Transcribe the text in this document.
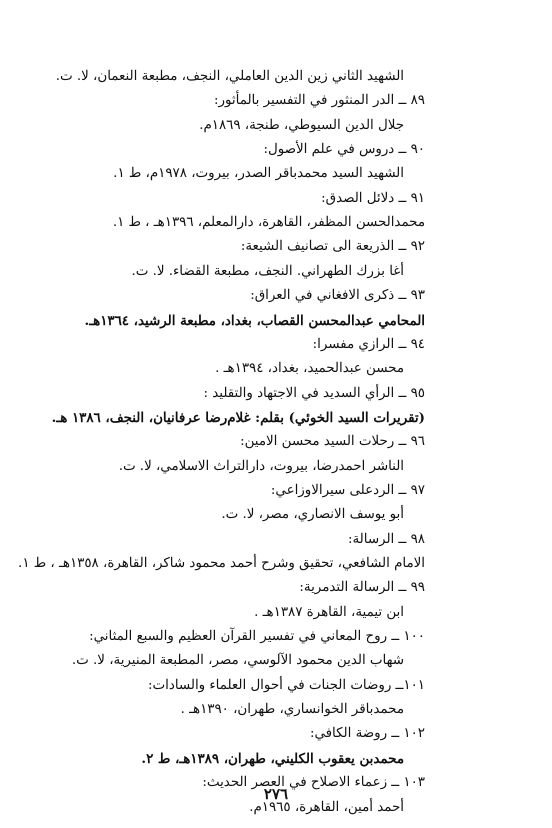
الشهيد الثاني زين الدين العاملي، النجف، مطبعة النعمان، لا. ت.
٨٩ ــ الدر المنثور في التفسير بالمأثور:
جلال الدين السيوطي، طنجة، ١٨٦٩م.
٩٠ ــ دروس في علم الأصول:
الشهيد السيد محمدباقر الصدر، بيروت، ١٩٧٨م، ط ١.
٩١ ــ دلائل الصدق:
محمدالحسن المظفر، القاهرة، دارالمعلم، ١٣٩٦هـ ، ط ١.
٩٢ ــ الذريعة الى تصانيف الشيعة:
أغا بزرك الطهراني. النجف، مطبعة القضاء. لا. ت.
٩٣ ــ ذكرى الافغاني في العراق:
المحامي عبدالمحسن القصاب، بغداد، مطبعة الرشيد، ١٣٦٤هـ.
٩٤ ــ الرازي مفسرا:
محسن عبدالحميد، بغداد، ١٣٩٤هـ .
٩٥ ــ الرأي السديد في الاجتهاد والتقليد :
(تقريرات السيد الخوئي) بقلم: غلام‌رضا عرفانيان، النجف، ١٣٨٦ هـ.
٩٦ ــ رحلات السيد محسن الامين:
الناشر احمدرضا، بيروت، دارالتراث الاسلامي، لا. ت.
٩٧ ــ الردعلى سيرالاوزاعي:
أبو يوسف الانصاري، مصر، لا. ت.
٩٨ ــ الرسالة:
الامام الشافعي، تحقيق وشرح أحمد محمود شاكر، القاهرة، ١٣٥٨هـ ، ط ١.
٩٩ ــ الرسالة التدمرية:
ابن تيمية، القاهرة ١٣٨٧هـ .
١٠٠ ــ روح المعاني في تفسير القرآن العظيم والسبع المثاني:
شهاب الدين محمود الآلوسي، مصر، المطبعة المنيرية، لا. ت.
١٠١ــ روضات الجنات في أحوال العلماء والسادات:
محمدباقر الخوانساري، طهران، ١٣٩٠هـ .
١٠٢ ــ روضة الكافي:
محمدبن يعقوب الكليني، طهران، ١٣٨٩هـ، ط ٢.
١٠٣ ــ زعماء الاصلاح في العصر الحديث:
أحمد أمين، القاهرة، ١٩٦٥م.
٢٧٦
